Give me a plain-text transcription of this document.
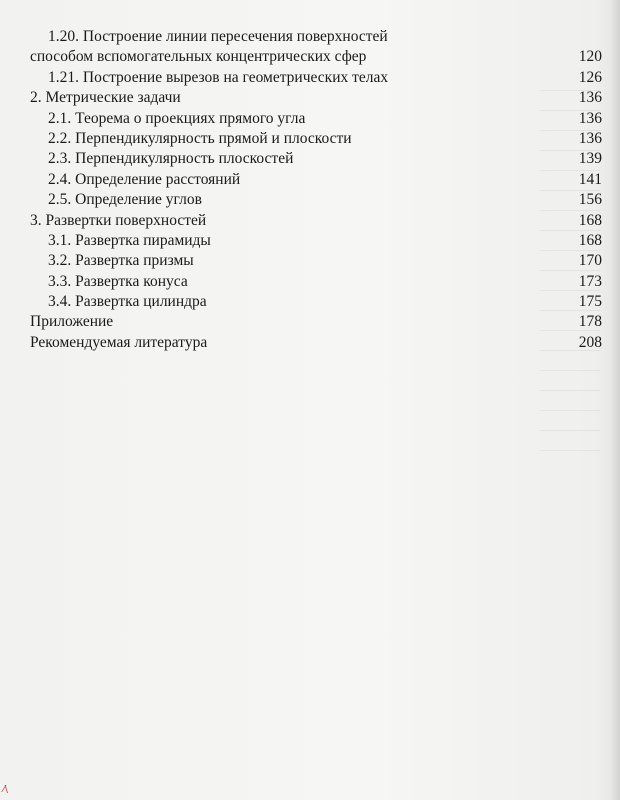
1.20. Построение линии пересечения поверхностей
способом вспомогательных концентрических сфер	120
1.21. Построение вырезов на геометрических телах	126
2. Метрические задачи	136
2.1. Теорема о проекциях прямого угла	136
2.2. Перпендикулярность прямой и плоскости	136
2.3. Перпендикулярность плоскостей	139
2.4. Определение расстояний	141
2.5. Определение углов	156
3. Развертки поверхностей	168
3.1. Развертка пирамиды	168
3.2. Развертка призмы	170
3.3. Развертка конуса	173
3.4. Развертка цилиндра	175
Приложение	178
Рекомендуемая литература	208
⁄\
